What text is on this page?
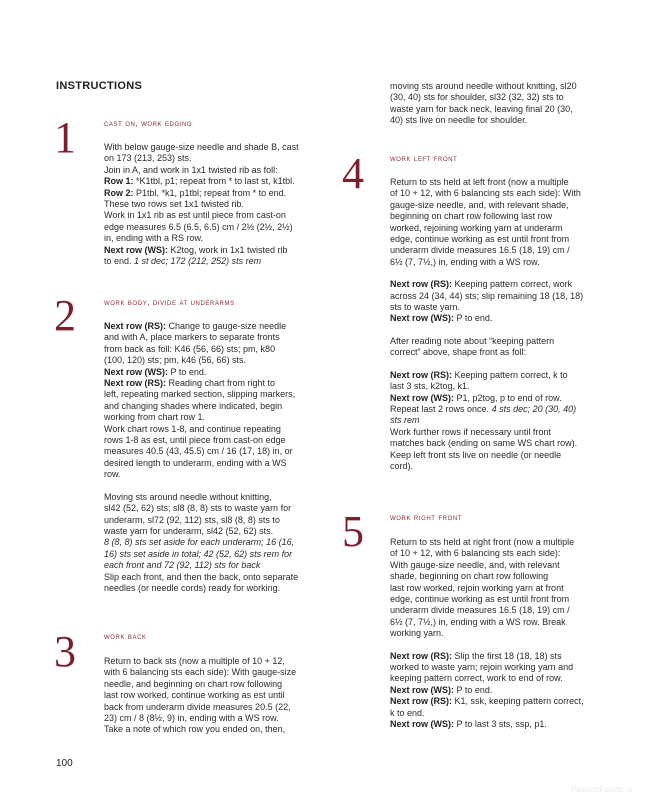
INSTRUCTIONS
1	cast on, work edging

With below gauge-size needle and shade B, cast

on 173 (213, 253) sts.

Join in A, and work in 1x1 twisted rib as foll:

Row 1: *K1tbl, p1; repeat from * to last st, k1tbl.

Row 2: P1tbl, *k1, p1tbl; repeat from * to end.

These two rows set 1x1 twisted rib.

Work in 1x1 rib as est until piece from cast-on

edge measures 6.5 (6.5, 6.5) cm / 2½ (2½, 2½)

in, ending with a RS row.

Next row (WS): K2tog, work in 1x1 twisted rib

to end. 1 st dec; 172 (212, 252) sts rem

2	work body, divide at underarms

Next row (RS): Change to gauge-size needle

and with A, place markers to separate fronts

from back as foll: K46 (56, 66) sts; pm, k80

(100, 120) sts; pm, k46 (56, 66) sts.

Next row (WS): P to end.

Next row (RS): Reading chart from right to

left, repeating marked section, slipping markers,

and changing shades where indicated, begin

working from chart row 1.

Work chart rows 1-8, and continue repeating

rows 1-8 as est, until piece from cast-on edge

measures 40.5 (43, 45.5) cm / 16 (17, 18) in, or

desired length to underarm, ending with a WS

row.

Moving sts around needle without knitting,

sl42 (52, 62) sts; sl8 (8, 8) sts to waste yarn for

underarm, sl72 (92, 112) sts, sl8 (8, 8) sts to

waste yarn for underarm, sl42 (52, 62) sts.

8 (8, 8) sts set aside for each underarm; 16 (16,

16) sts set aside in total; 42 (52, 62) sts rem for

each front and 72 (92, 112) sts for back

Slip each front, and then the back, onto separate

needles (or needle cords) ready for working.

3	work back

Return to back sts (now a multiple of 10 + 12,

with 6 balancing sts each side): With gauge-size

needle, and beginning on chart row following

last row worked, continue working as est until

back from underarm divide measures 20.5 (22,

23) cm / 8 (8½, 9) in, ending with a WS row.

Take a note of which row you ended on, then,

moving sts around needle without knitting, sl20

(30, 40) sts for shoulder, sl32 (32, 32) sts to

waste yarn for back neck, leaving final 20 (30,

40) sts live on needle for shoulder.

4	work left front

Return to sts held at left front (now a multiple

of 10 + 12, with 6 balancing sts each side): With

gauge-size needle, and, with relevant shade,

beginning on chart row following last row

worked, rejoining working yarn at underarm

edge, continue working as est until front from

underarm divide measures 16.5 (18, 19) cm /

6½ (7, 7½,) in, ending with a WS row.

Next row (RS): Keeping pattern correct, work

across 24 (34, 44) sts; slip remaining 18 (18, 18)

sts to waste yarn.

Next row (WS): P to end.

After reading note about “keeping pattern

correct” above, shape front as foll:

Next row (RS): Keeping pattern correct, k to

last 3 sts, k2tog, k1.

Next row (WS): P1, p2tog, p to end of row.

Repeat last 2 rows once. 4 sts dec; 20 (30, 40)

sts rem

Work further rows if necessary until front

matches back (ending on same WS chart row).

Keep left front sts live on needle (or needle

cord).

5	work right front

Return to sts held at right front (now a multiple

of 10 + 12, with 6 balancing sts each side):

With gauge-size needle, and, with relevant

shade, beginning on chart row following

last row worked, rejoin working yarn at front

edge, continue working as est until front from

underarm divide measures 16.5 (18, 19) cm /

6½ (7, 7½,) in, ending with a WS row. Break

working yarn.

Next row (RS): Slip the first 18 (18, 18) sts

worked to waste yarn; rejoin working yarn and

keeping pattern correct, work to end of row.

Next row (WS): P to end.

Next row (RS): K1, ssk, keeping pattern correct,

k to end.

Next row (WS): P to last 3 sts, ssp, p1.

100
PassionForum.ru
